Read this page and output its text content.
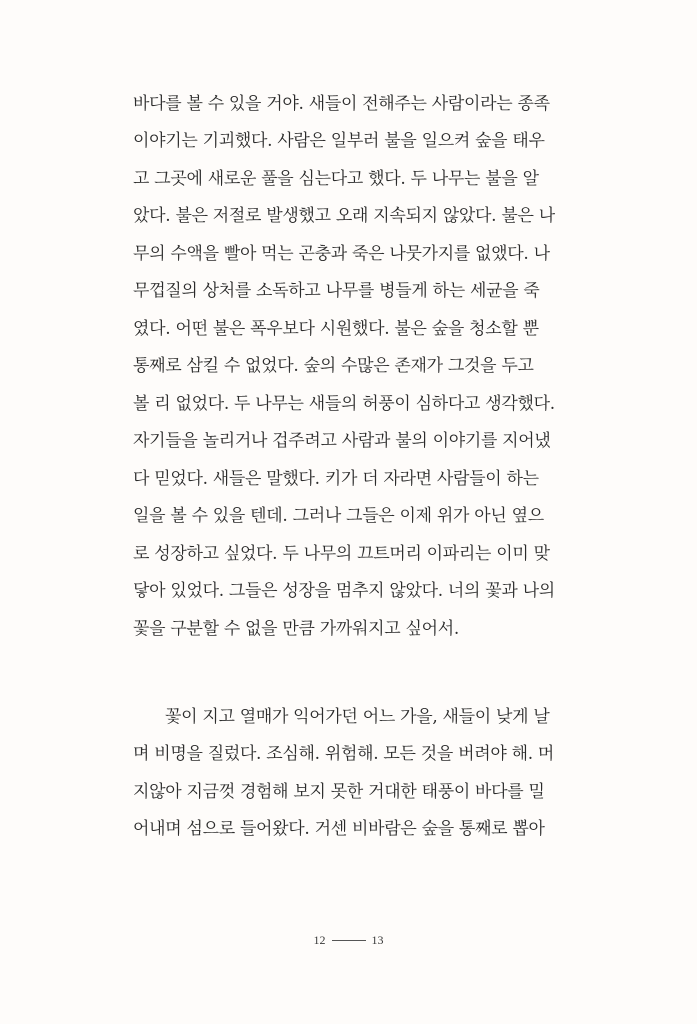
바다를 볼 수 있을 거야. 새들이 전해주는 사람이라는 종족
이야기는 기괴했다. 사람은 일부러 불을 일으켜 숲을 태우
고 그곳에 새로운 풀을 심는다고 했다. 두 나무는 불을 알
았다. 불은 저절로 발생했고 오래 지속되지 않았다. 불은 나
무의 수액을 빨아 먹는 곤충과 죽은 나뭇가지를 없앴다. 나
무껍질의 상처를 소독하고 나무를 병들게 하는 세균을 죽
였다. 어떤 불은 폭우보다 시원했다. 불은 숲을 청소할 뿐
통째로 삼킬 수 없었다. 숲의 수많은 존재가 그것을 두고
볼 리 없었다. 두 나무는 새들의 허풍이 심하다고 생각했다.
자기들을 놀리거나 겁주려고 사람과 불의 이야기를 지어냈
다 믿었다. 새들은 말했다. 키가 더 자라면 사람들이 하는
일을 볼 수 있을 텐데. 그러나 그들은 이제 위가 아닌 옆으
로 성장하고 싶었다. 두 나무의 끄트머리 이파리는 이미 맞
닿아 있었다. 그들은 성장을 멈추지 않았다. 너의 꽃과 나의
꽃을 구분할 수 없을 만큼 가까워지고 싶어서.
꽃이 지고 열매가 익어가던 어느 가을, 새들이 낮게 날
며 비명을 질렀다. 조심해. 위험해. 모든 것을 버려야 해. 머
지않아 지금껏 경험해 보지 못한 거대한 태풍이 바다를 밀
어내며 섬으로 들어왔다. 거센 비바람은 숲을 통째로 뽑아
12	13
